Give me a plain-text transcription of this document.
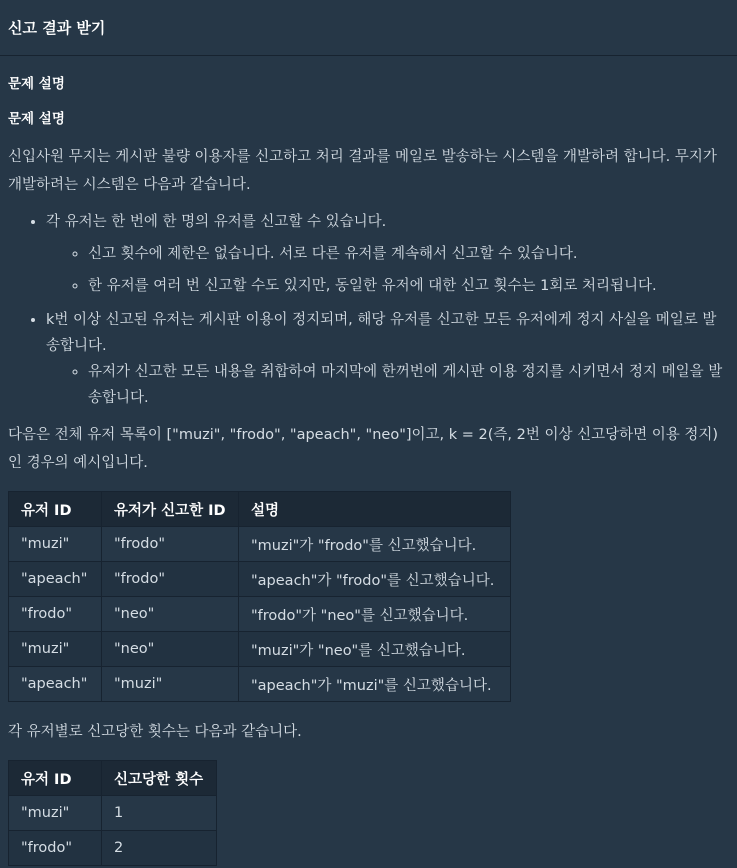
신고 결과 받기
문제 설명
문제 설명

신입사원 무지는 게시판 불량 이용자를 신고하고 처리 결과를 메일로 발송하는 시스템을 개발하려 합니다. 무지가 개발하려는 시스템은 다음과 같습니다.

• 각 유저는 한 번에 한 명의 유저를 신고할 수 있습니다.
◦ 신고 횟수에 제한은 없습니다. 서로 다른 유저를 계속해서 신고할 수 있습니다.
◦ 한 유저를 여러 번 신고할 수도 있지만, 동일한 유저에 대한 신고 횟수는 1회로 처리됩니다.
• k번 이상 신고된 유저는 게시판 이용이 정지되며, 해당 유저를 신고한 모든 유저에게 정지 사실을 메일로 발송합니다.
◦ 유저가 신고한 모든 내용을 취합하여 마지막에 한꺼번에 게시판 이용 정지를 시키면서 정지 메일을 발송합니다.

다음은 전체 유저 목록이 ["muzi", "frodo", "apeach", "neo"]이고, k = 2(즉, 2번 이상 신고당하면 이용 정지)인 경우의 예시입니다.

유저 ID	유저가 신고한 ID	설명
"muzi"	"frodo"	"muzi"가 "frodo"를 신고했습니다.
"apeach"	"frodo"	"apeach"가 "frodo"를 신고했습니다.
"frodo"	"neo"	"frodo"가 "neo"를 신고했습니다.
"muzi"	"neo"	"muzi"가 "neo"를 신고했습니다.
"apeach"	"muzi"	"apeach"가 "muzi"를 신고했습니다.

각 유저별로 신고당한 횟수는 다음과 같습니다.

유저 ID	신고당한 횟수
"muzi"	1
"frodo"	2
